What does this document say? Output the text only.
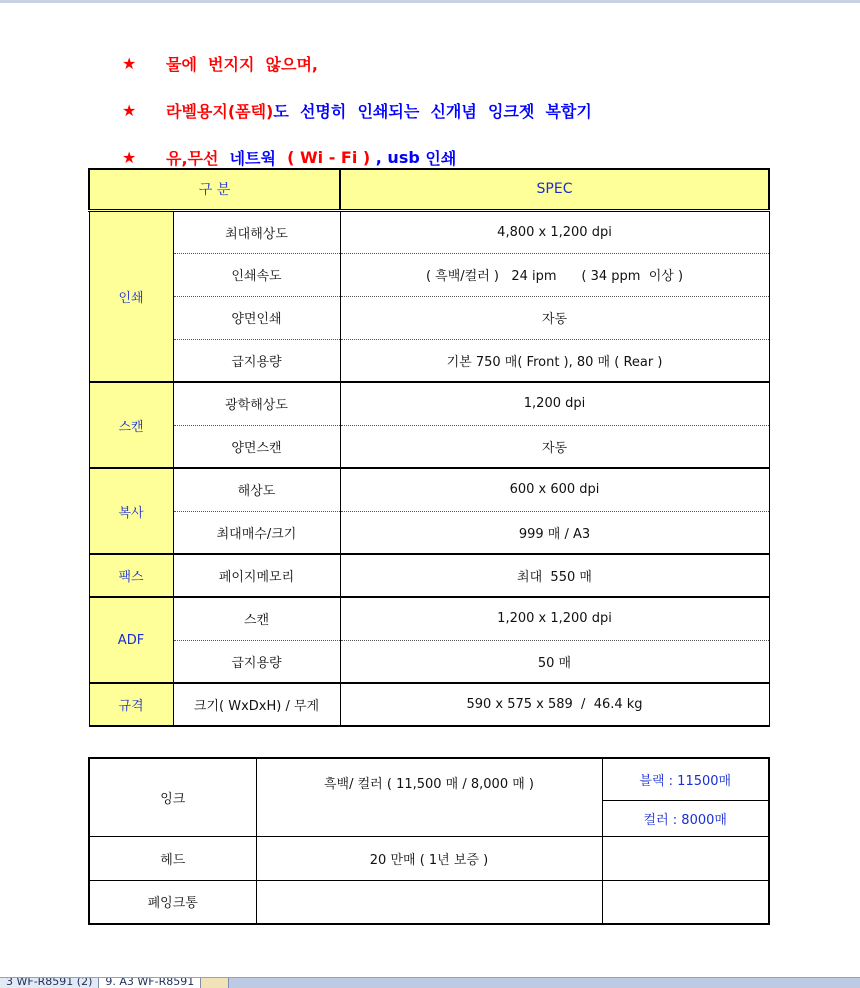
★	물에  번지지  않으며,
★	라벨용지(폼텍) 도  선명히  인쇄되는  신개념  잉크젯  복합기
★	유,무선 네트웍 ( Wi - Fi ) , usb 인쇄
구 분		SPEC
인쇄	최대해상도	4,800 x 1,200 dpi
	인쇄속도	( 흑백/컬러 )   24 ipm      ( 34 ppm  이상 )
	양면인쇄	자동
	급지용량	기본 750 매( Front ), 80 매 ( Rear )
스캔	광학해상도	1,200 dpi
	양면스캔	자동
복사	해상도	600 x 600 dpi
	최대매수/크기	999 매 / A3
팩스	페이지메모리	최대  550 매
ADF	스캔	1,200 x 1,200 dpi
	급지용량	50 매
규격	크기( WxDxH) / 무게	590 x 575 x 589  /  46.4 kg
잉크	흑백/ 컬러 ( 11,500 매 / 8,000 매 )	블랙 : 11500매
		컬러 : 8000매
헤드	20 만매 ( 1년 보증 )	
폐잉크통		
3 WF-R8591 (2)	9. A3 WF-R8591
